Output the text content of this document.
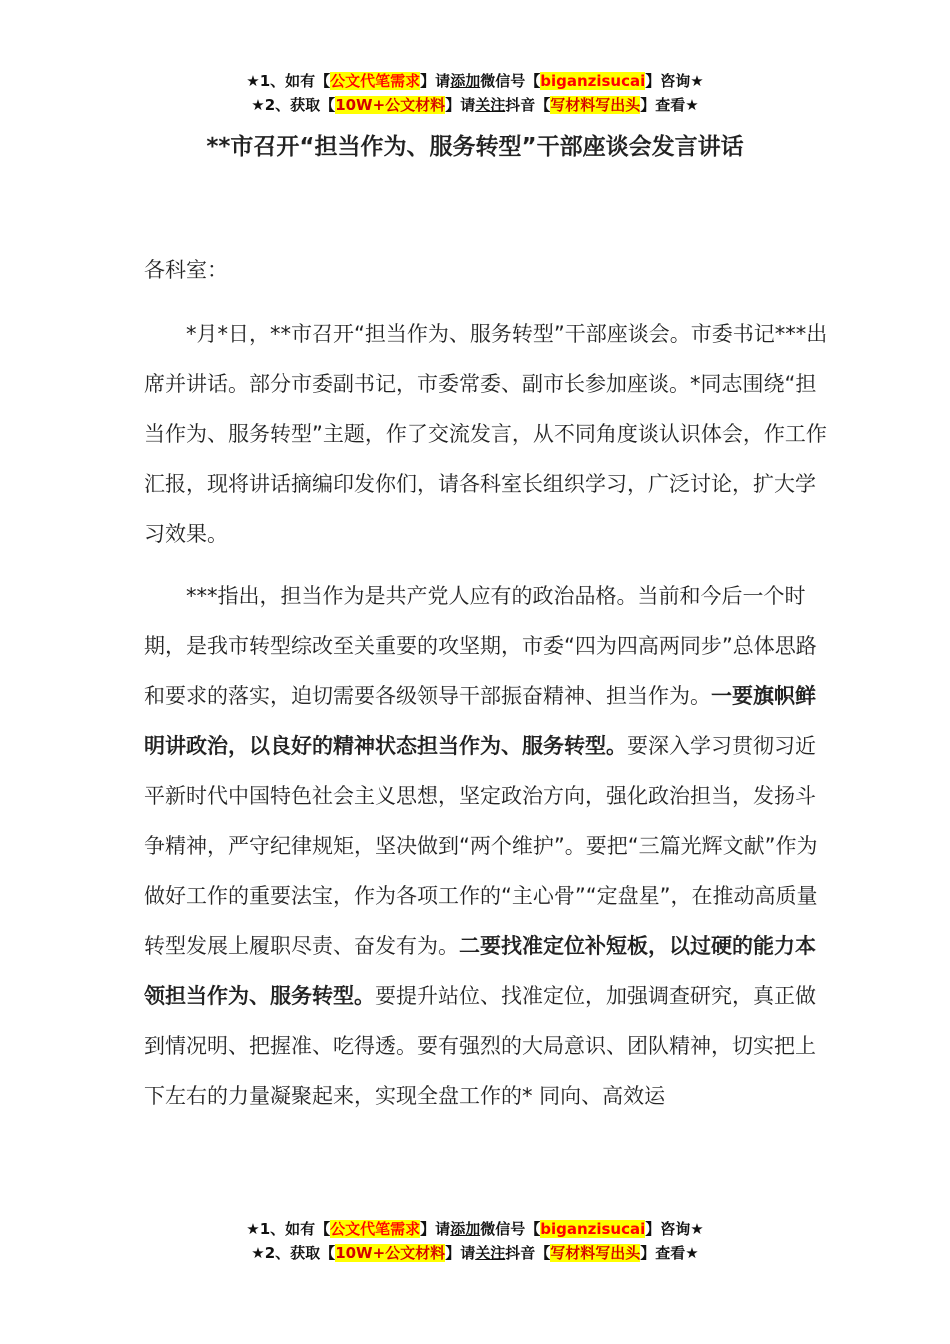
★1、如有【公文代笔需求】请添加微信号【biganzisucai】咨询★
★2、获取【10W+公文材料】请关注抖音【写材料写出头】查看★
**市召开“担当作为、服务转型”干部座谈会发言讲话
各科室：

*月*日，**市召开“担当作为、服务转型”干部座谈会。市委书记***出席并讲话。部分市委副书记，市委常委、副市长参加座谈。*同志围绕“担当作为、服务转型”主题，作了交流发言，从不同角度谈认识体会，作工作汇报，现将讲话摘编印发你们，请各科室长组织学习，广泛讨论，扩大学习效果。

***指出，担当作为是共产党人应有的政治品格。当前和今后一个时期，是我市转型综改至关重要的攻坚期，市委“四为四高两同步”总体思路和要求的落实，迫切需要各级领导干部振奋精神、担当作为。一要旗帜鲜明讲政治，以良好的精神状态担当作为、服务转型。要深入学习贯彻习近平新时代中国特色社会主义思想，坚定政治方向，强化政治担当，发扬斗争精神，严守纪律规矩，坚决做到“两个维护”。要把“三篇光辉文献”作为做好工作的重要法宝，作为各项工作的“主心骨”“定盘星”，在推动高质量转型发展上履职尽责、奋发有为。二要找准定位补短板，以过硬的能力本领担当作为、服务转型。要提升站位、找准定位，加强调查研究，真正做到情况明、把握准、吃得透。要有强烈的大局意识、团队精神，切实把上下左右的力量凝聚起来，实现全盘工作的* 同向、高效运

★1、如有【公文代笔需求】请添加微信号【biganzisucai】咨询★
★2、获取【10W+公文材料】请关注抖音【写材料写出头】查看★
